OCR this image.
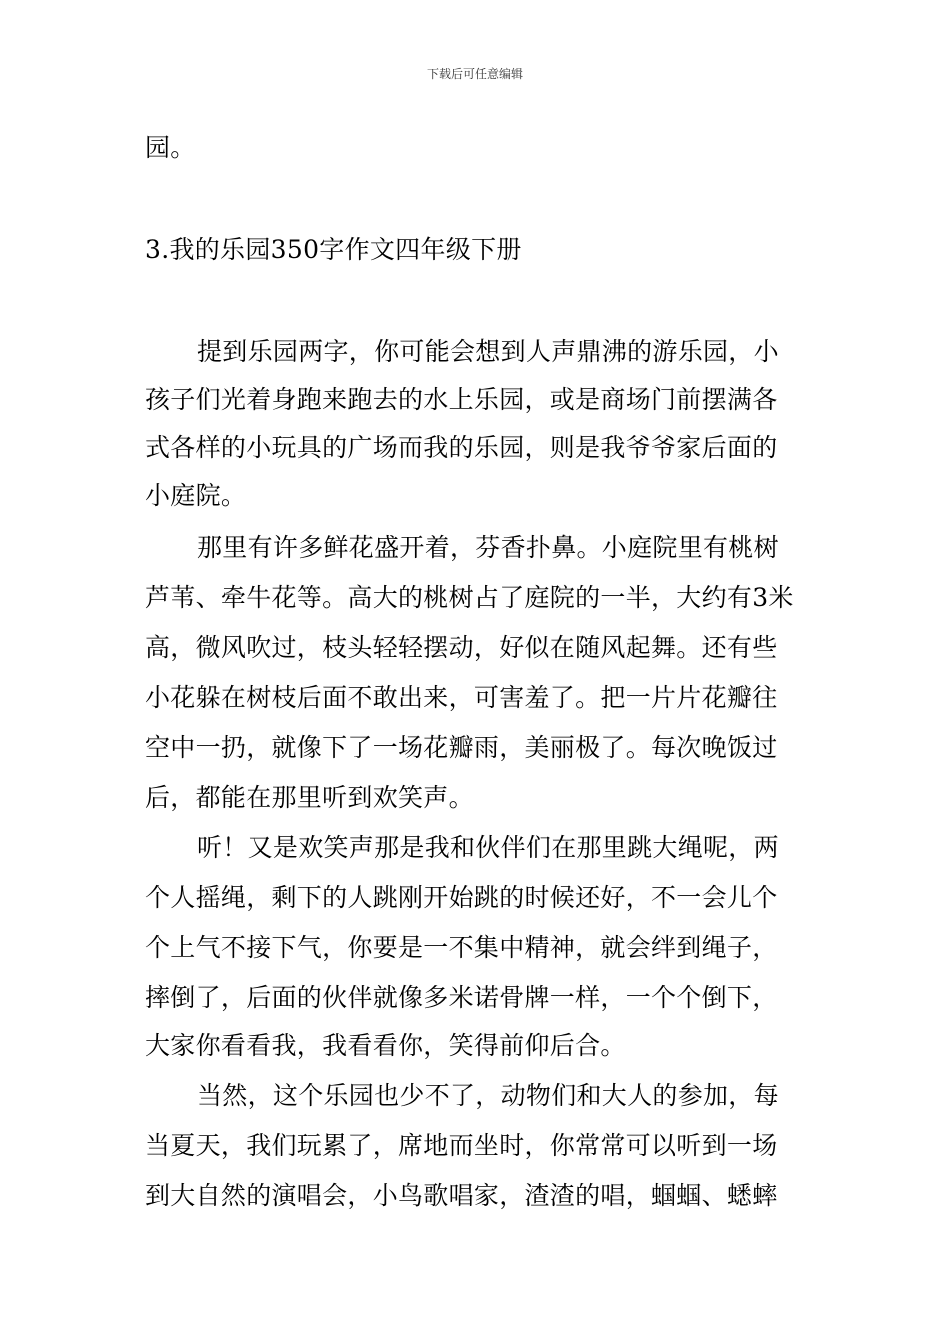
下载后可任意编辑
园。
3.我的乐园350字作文四年级下册
提到乐园两字，你可能会想到人声鼎沸的游乐园，小
孩子们光着身跑来跑去的水上乐园，或是商场门前摆满各
式各样的小玩具的广场而我的乐园，则是我爷爷家后面的
小庭院。
那里有许多鲜花盛开着，芬香扑鼻。小庭院里有桃树
芦苇、牵牛花等。高大的桃树占了庭院的一半，大约有3米
高，微风吹过，枝头轻轻摆动，好似在随风起舞。还有些
小花躲在树枝后面不敢出来，可害羞了。把一片片花瓣往
空中一扔，就像下了一场花瓣雨，美丽极了。每次晚饭过
后，都能在那里听到欢笑声。
听！又是欢笑声那是我和伙伴们在那里跳大绳呢，两
个人摇绳，剩下的人跳刚开始跳的时候还好，不一会儿个
个上气不接下气，你要是一不集中精神，就会绊到绳子，
摔倒了，后面的伙伴就像多米诺骨牌一样，一个个倒下，
大家你看看我，我看看你，笑得前仰后合。
当然，这个乐园也少不了，动物们和大人的参加，每
当夏天，我们玩累了，席地而坐时，你常常可以听到一场
到大自然的演唱会，小鸟歌唱家，渣渣的唱，蝈蝈、蟋蟀
